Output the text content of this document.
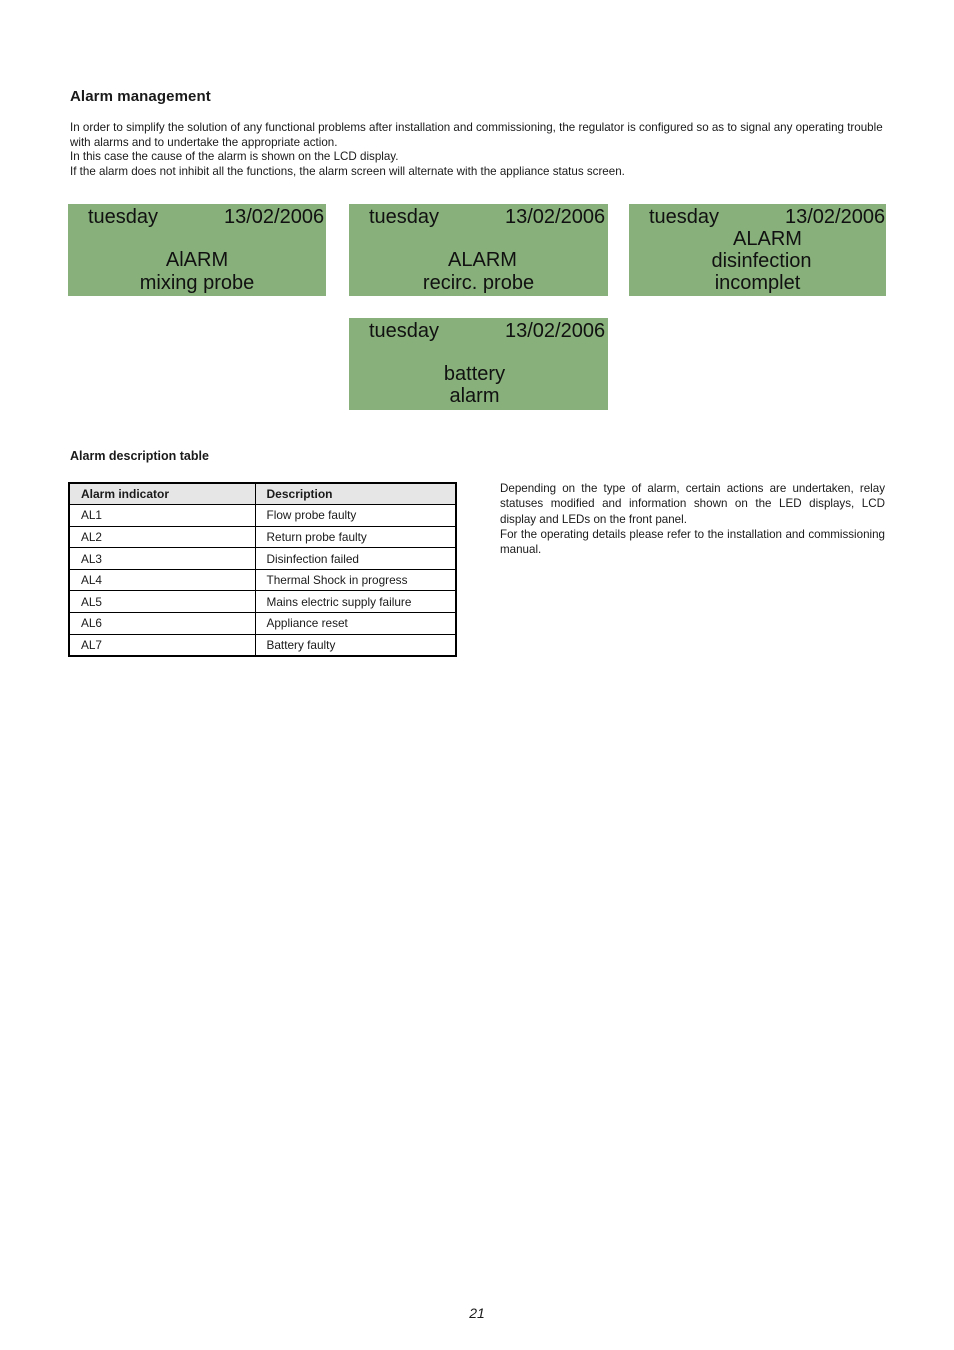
Alarm management

In order to simplify the solution of any functional problems after installation and commissioning, the regulator is configured so as to signal any operating trouble with alarms and to undertake the appropriate action.

In this case the cause of the alarm is shown on the LCD display.

If the alarm does not inhibit all the functions, the alarm screen will alternate with the appliance status screen.

tuesday	13/02/2006
AlARM
mixing probe
tuesday	13/02/2006
ALARM
recirc. probe
tuesday	13/02/2006
ALARM
disinfection
incomplet
tuesday	13/02/2006
battery
alarm
Alarm description table
Alarm indicator	Description
AL1	Flow probe faulty
AL2	Return probe faulty
AL3	Disinfection failed
AL4	Thermal Shock in progress
AL5	Mains electric supply failure
AL6	Appliance reset
AL7	Battery faulty

Depending on the type of alarm, certain actions are undertaken, relay statuses modified and information shown on the LED displays, LCD display and LEDs on the front panel.

For the operating details please refer to the installation and commissioning manual.

21
